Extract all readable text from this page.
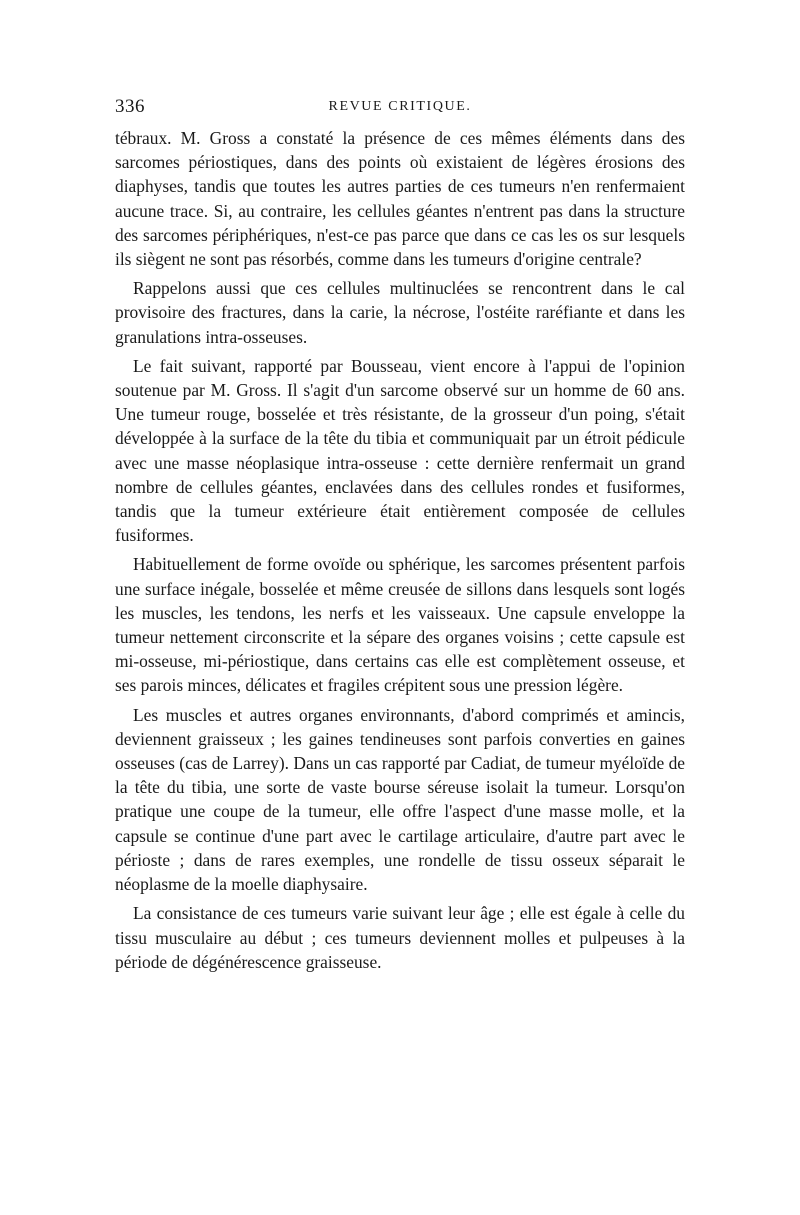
336	REVUE CRITIQUE.

tébraux. M. Gross a constaté la présence de ces mêmes éléments dans des sarcomes périostiques, dans des points où existaient de légères érosions des diaphyses, tandis que toutes les autres parties de ces tumeurs n'en renfermaient aucune trace. Si, au contraire, les cellules géantes n'entrent pas dans la structure des sarcomes périphériques, n'est-ce pas parce que dans ce cas les os sur lesquels ils siègent ne sont pas résorbés, comme dans les tumeurs d'origine centrale?

Rappelons aussi que ces cellules multinuclées se rencontrent dans le cal provisoire des fractures, dans la carie, la nécrose, l'ostéite raréfiante et dans les granulations intra-osseuses.

Le fait suivant, rapporté par Bousseau, vient encore à l'appui de l'opinion soutenue par M. Gross. Il s'agit d'un sarcome observé sur un homme de 60 ans. Une tumeur rouge, bosselée et très résistante, de la grosseur d'un poing, s'était développée à la surface de la tête du tibia et communiquait par un étroit pédicule avec une masse néoplasique intra-osseuse : cette dernière renfermait un grand nombre de cellules géantes, enclavées dans des cellules rondes et fusiformes, tandis que la tumeur extérieure était entièrement composée de cellules fusiformes.

Habituellement de forme ovoïde ou sphérique, les sarcomes présentent parfois une surface inégale, bosselée et même creusée de sillons dans lesquels sont logés les muscles, les tendons, les nerfs et les vaisseaux. Une capsule enveloppe la tumeur nettement circonscrite et la sépare des organes voisins ; cette capsule est mi-osseuse, mi-périostique, dans certains cas elle est complètement osseuse, et ses parois minces, délicates et fragiles crépitent sous une pression légère.

Les muscles et autres organes environnants, d'abord comprimés et amincis, deviennent graisseux ; les gaines tendineuses sont parfois converties en gaines osseuses (cas de Larrey). Dans un cas rapporté par Cadiat, de tumeur myéloïde de la tête du tibia, une sorte de vaste bourse séreuse isolait la tumeur. Lorsqu'on pratique une coupe de la tumeur, elle offre l'aspect d'une masse molle, et la capsule se continue d'une part avec le cartilage articulaire, d'autre part avec le périoste ; dans de rares exemples, une rondelle de tissu osseux séparait le néoplasme de la moelle diaphysaire.

La consistance de ces tumeurs varie suivant leur âge ; elle est égale à celle du tissu musculaire au début ; ces tumeurs deviennent molles et pulpeuses à la période de dégénérescence graisseuse.
